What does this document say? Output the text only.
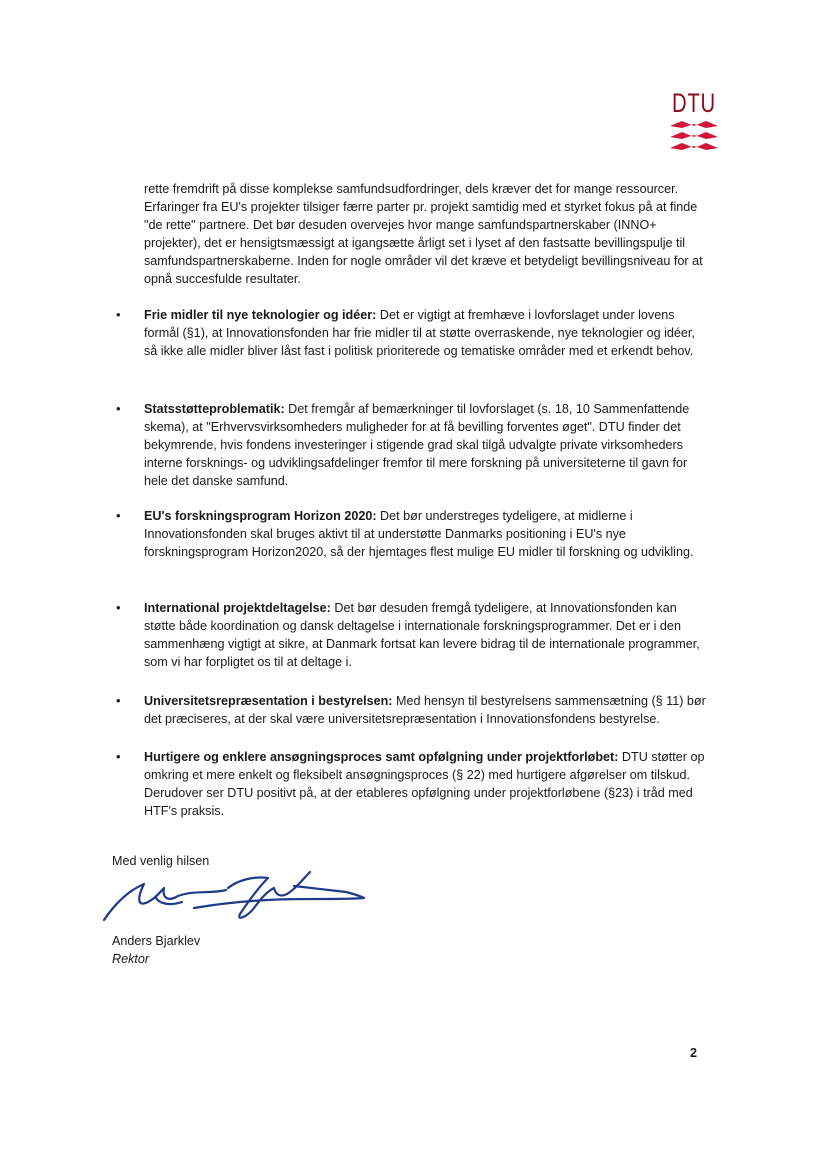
DTU

rette fremdrift på disse komplekse samfundsudfordringer, dels kræver det for mange ressourcer. Erfaringer fra EU's projekter tilsiger færre parter pr. projekt samtidig med et styrket fokus på at finde "de rette" partnere. Det bør desuden overvejes hvor mange samfundspartnerskaber (INNO+ projekter), det er hensigtsmæssigt at igangsætte årligt set i lyset af den fastsatte bevillingspulje til samfundspartnerskaberne. Inden for nogle områder vil det kræve et betydeligt bevillingsniveau for at opnå succesfulde resultater.

• Frie midler til nye teknologier og idéer: Det er vigtigt at fremhæve i lovforslaget under lovens formål (§1), at Innovationsfonden har frie midler til at støtte overraskende, nye teknologier og idéer, så ikke alle midler bliver låst fast i politisk prioriterede og tematiske områder med et erkendt behov.

• Statsstøtteproblematik: Det fremgår af bemærkninger til lovforslaget (s. 18, 10 Sammenfattende skema), at "Erhvervsvirksomheders muligheder for at få bevilling forventes øget". DTU finder det bekymrende, hvis fondens investeringer i stigende grad skal tilgå udvalgte private virksomheders interne forsknings- og udviklingsafdelinger fremfor til mere forskning på universiteterne til gavn for hele det danske samfund.

• EU's forskningsprogram Horizon 2020: Det bør understreges tydeligere, at midlerne i Innovationsfonden skal bruges aktivt til at understøtte Danmarks positioning i EU's nye forskningsprogram Horizon2020, så der hjemtages flest mulige EU midler til forskning og udvikling.

• International projektdeltagelse: Det bør desuden fremgå tydeligere, at Innovationsfonden kan støtte både koordination og dansk deltagelse i internationale forskningsprogrammer. Det er i den sammenhæng vigtigt at sikre, at Danmark fortsat kan levere bidrag til de internationale programmer, som vi har forpligtet os til at deltage i.

• Universitetsrepræsentation i bestyrelsen: Med hensyn til bestyrelsens sammensætning (§ 11) bør det præciseres, at der skal være universitetsrepræsentation i Innovationsfondens bestyrelse.

• Hurtigere og enklere ansøgningsproces samt opfølgning under projektforløbet: DTU støtter op omkring et mere enkelt og fleksibelt ansøgningsproces (§ 22) med hurtigere afgørelser om tilskud. Derudover ser DTU positivt på, at der etableres opfølgning under projektforløbene (§23) i tråd med HTF's praksis.

Med venlig hilsen
Anders Bjarklev
Rektor
2
